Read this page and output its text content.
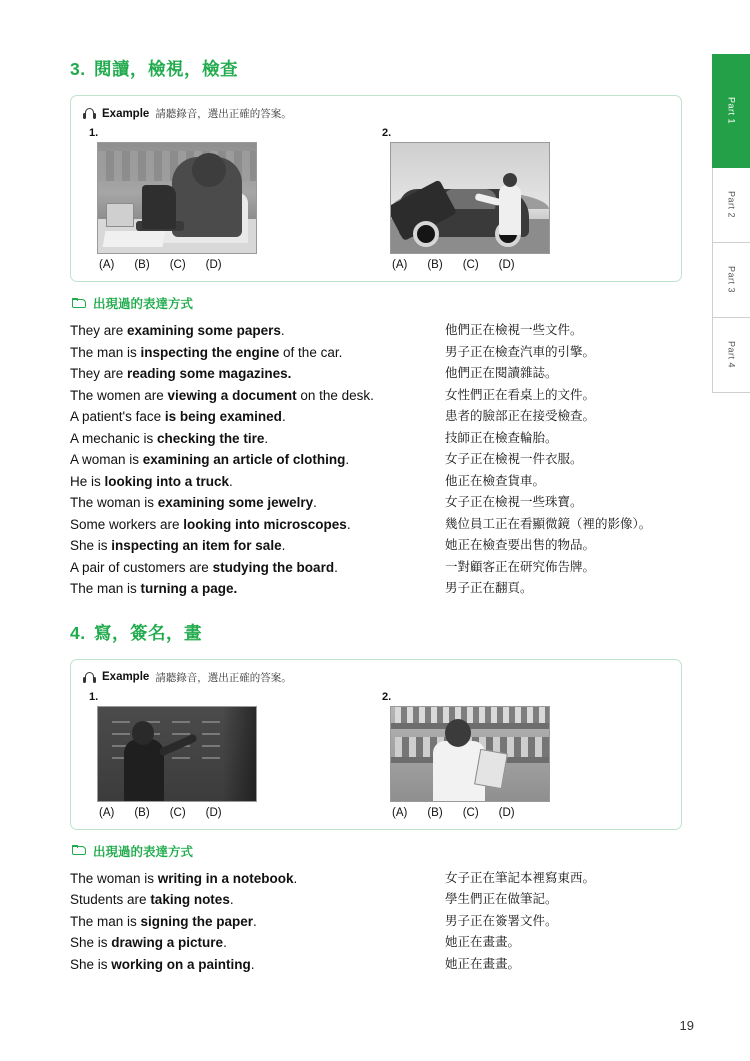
Part 1
Part 2
Part 3
Part 4
3. 閱讀，檢視，檢查
Example 請聽錄音，選出正確的答案。
1.
(A) (B) (C) (D)
2.
(A) (B) (C) (D)
出現過的表達方式
They are examining some papers.	他們正在檢視一些文件。

The man is inspecting the engine of the car.	男子正在檢查汽車的引擎。

They are reading some magazines.	他們正在閱讀雜誌。

The women are viewing a document on the desk.	女性們正在看桌上的文件。

A patient's face is being examined.	患者的臉部正在接受檢查。

A mechanic is checking the tire.	技師正在檢查輪胎。

A woman is examining an article of clothing.	女子正在檢視一件衣服。

He is looking into a truck.	他正在檢查貨車。

The woman is examining some jewelry.	女子正在檢視一些珠寶。

Some workers are looking into microscopes.	幾位員工正在看顯微鏡（裡的影像）。

She is inspecting an item for sale.	她正在檢查要出售的物品。

A pair of customers are studying the board.	一對顧客正在研究佈告牌。

The man is turning a page.	男子正在翻頁。
4. 寫，簽名，畫
Example 請聽錄音，選出正確的答案。
1.
(A) (B) (C) (D)
2.
(A) (B) (C) (D)
出現過的表達方式
The woman is writing in a notebook.	女子正在筆記本裡寫東西。

Students are taking notes.	學生們正在做筆記。

The man is signing the paper.	男子正在簽署文件。

She is drawing a picture.	她正在畫畫。

She is working on a painting.	她正在畫畫。
19
